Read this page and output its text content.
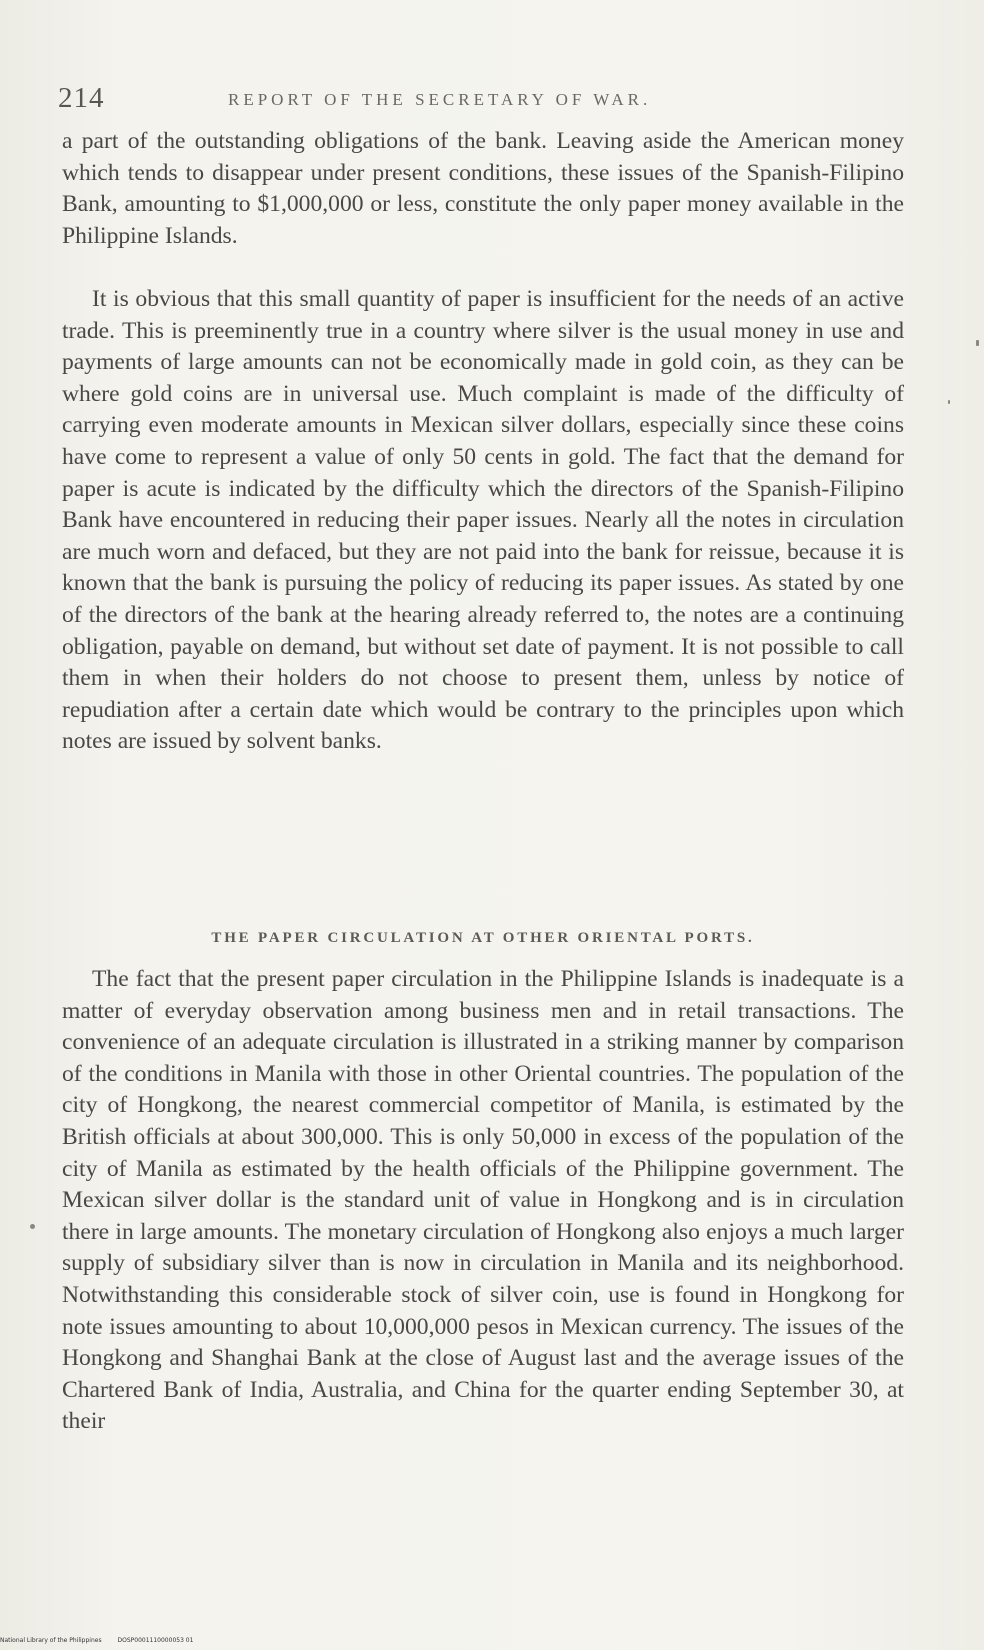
214	REPORT OF THE SECRETARY OF WAR.

a part of the outstanding obligations of the bank. Leaving aside the American money which tends to disappear under present conditions, these issues of the Spanish-Filipino Bank, amounting to $1,000,000 or less, constitute the only paper money available in the Philippine Islands.

It is obvious that this small quantity of paper is insufficient for the needs of an active trade. This is preeminently true in a country where silver is the usual money in use and payments of large amounts can not be economically made in gold coin, as they can be where gold coins are in universal use. Much complaint is made of the difficulty of carrying even moderate amounts in Mexican silver dollars, especially since these coins have come to represent a value of only 50 cents in gold. The fact that the demand for paper is acute is indicated by the difficulty which the directors of the Spanish-Filipino Bank have encountered in reducing their paper issues. Nearly all the notes in circulation are much worn and defaced, but they are not paid into the bank for reissue, because it is known that the bank is pursuing the policy of reducing its paper issues. As stated by one of the directors of the bank at the hearing already referred to, the notes are a continuing obligation, payable on demand, but without set date of payment. It is not possible to call them in when their holders do not choose to present them, unless by notice of repudiation after a certain date which would be contrary to the principles upon which notes are issued by solvent banks.

THE PAPER CIRCULATION AT OTHER ORIENTAL PORTS.

The fact that the present paper circulation in the Philippine Islands is inadequate is a matter of everyday observation among business men and in retail transactions. The convenience of an adequate circulation is illustrated in a striking manner by comparison of the conditions in Manila with those in other Oriental countries. The population of the city of Hongkong, the nearest commercial competitor of Manila, is estimated by the British officials at about 300,000. This is only 50,000 in excess of the population of the city of Manila as estimated by the health officials of the Philippine government. The Mexican silver dollar is the standard unit of value in Hongkong and is in circulation there in large amounts. The monetary circulation of Hongkong also enjoys a much larger supply of subsidiary silver than is now in circulation in Manila and its neighborhood. Notwithstanding this considerable stock of silver coin, use is found in Hongkong for note issues amounting to about 10,000,000 pesos in Mexican currency. The issues of the Hongkong and Shanghai Bank at the close of August last and the average issues of the Chartered Bank of India, Australia, and China for the quarter ending September 30, at their

National Library of the Philippines	DOSP0001110000053 01
